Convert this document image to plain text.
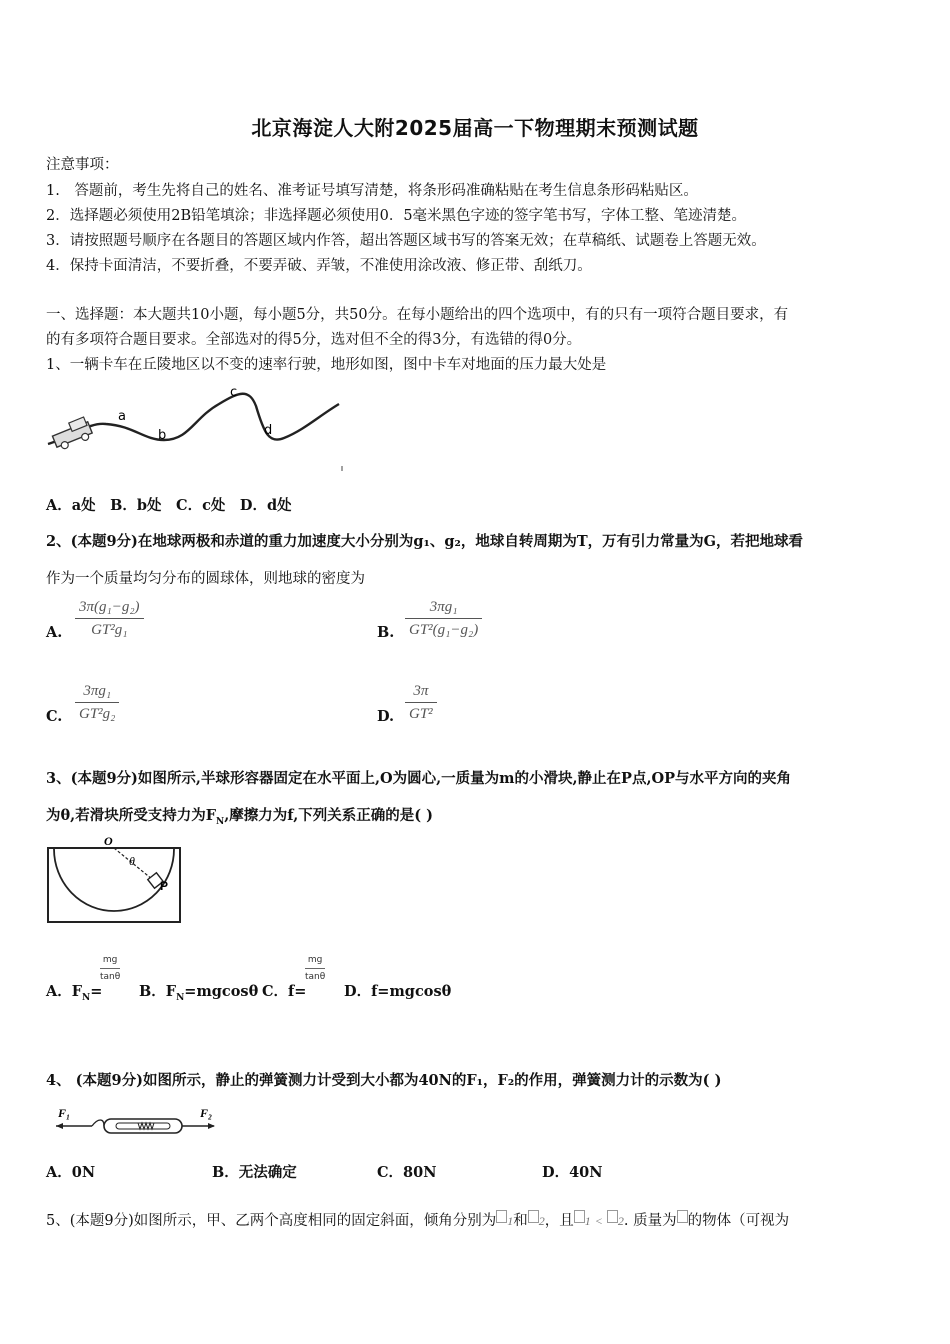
北京海淀人大附2025届高一下物理期末预测试题
注意事项：
1.　答题前，考生先将自己的姓名、准考证号填写清楚，将条形码准确粘贴在考生信息条形码粘贴区。
2．选择题必须使用2B铅笔填涂；非选择题必须使用0．5毫米黑色字迹的签字笔书写，字体工整、笔迹清楚。
3．请按照题号顺序在各题目的答题区域内作答，超出答题区域书写的答案无效；在草稿纸、试题卷上答题无效。
4．保持卡面清洁，不要折叠，不要弄破、弄皱，不准使用涂改液、修正带、刮纸刀。
一、选择题：本大题共10小题，每小题5分，共50分。在每小题给出的四个选项中，有的只有一项符合题目要求，有
的有多项符合题目要求。全部选对的得5分，选对但不全的得3分，有选错的得0分。
1、一辆卡车在丘陵地区以不变的速率行驶，地形如图，图中卡车对地面的压力最大处是
a
b
c
d
A．a处　B．b处　C．c处　D．d处
2、(本题9分)在地球两极和赤道的重力加速度大小分别为g₁、g₂，地球自转周期为T，万有引力常量为G，若把地球看
作为一个质量均匀分布的圆球体，则地球的密度为
A. $\frac{\text{3π(g₁−g₂)}}{\text{GT²g₁}}$	B. $\frac{\text{3πg₁}}{\text{GT²(g₁−g₂)}}$
C. $\frac{\text{3πg₁}}{\text{GT²g₂}}$	D. $\frac{3\pi}{\text{GT²}}$
3、(本题9分)如图所示,半球形容器固定在水平面上,O为圆心,一质量为m的小滑块,静止在P点,OP与水平方向的夹角
为θ,若滑块所受支持力为$F_N$,摩擦力为f,下列关系正确的是( )
O
θ
P
A．$F_N=$
$\frac{mg}{\tan\theta}$
B．$F_N=mgcos\theta$ C．f=
$\frac{mg}{\tan\theta}$
D．f=mgcosθ
4、 (本题9分)如图所示，静止的弹簧测力计受到大小都为40N的F₁，F₂的作用，弹簧测力计的示数为( )
F₁	F₂
A．0N	B．无法确定	C．80N	D．40N
5、(本题9分)如图所示，甲、乙两个高度相同的固定斜面，倾角分别为 1和 2，且 1 < 2. 质量为 的物体（可视为
